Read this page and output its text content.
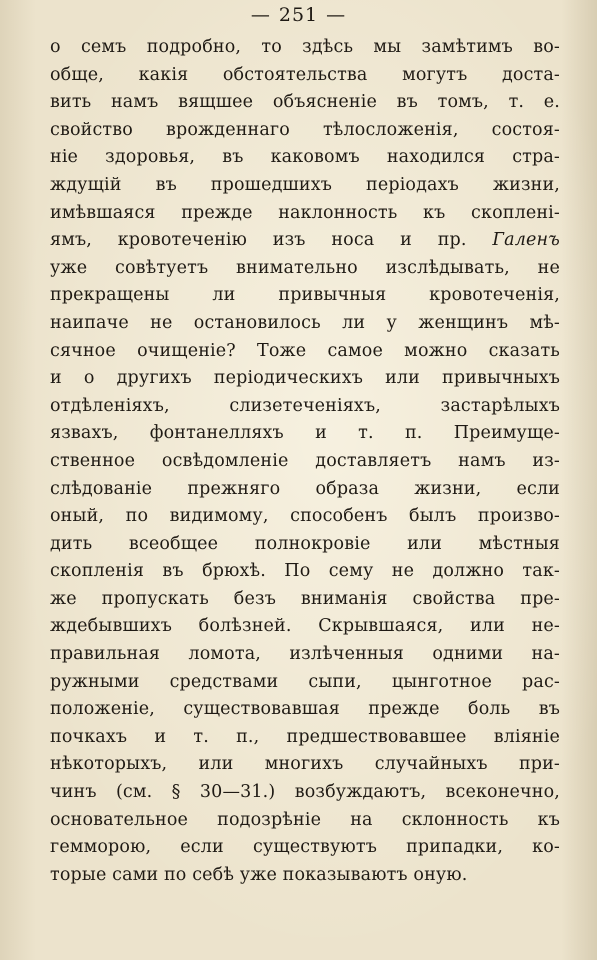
— 251 —
о семъ подробно, то здѣсь мы замѣтимъ во-
обще, какія обстоятельства могутъ доста-
вить намъ вящшее объясненіе въ томъ, т. е.
свойство врожденнаго тѣлосложенія, состоя-
ніе здоровья, въ каковомъ находился стра-
ждущій въ прошедшихъ періодахъ жизни,
имѣвшаяся прежде наклонность къ скопленi-
ямъ, кровотеченію изъ носа и пр. Галенъ
уже совѣтуетъ внимательно изслѣдывать, не
прекращены ли привычныя кровотеченія,
наипаче не остановилось ли у женщинъ мѣ-
сячное очищеніе? Тоже самое можно сказать
и о другихъ періодическихъ или привычныхъ
отдѣленіяхъ, слизетеченіяхъ, застарѣлыхъ
язвахъ, фонтанелляхъ и т. п. Преимуще-
ственное освѣдомленіе доставляетъ намъ из-
слѣдованіе прежняго образа жизни, если
оный, по видимому, способенъ былъ произво-
дить всеобщее полнокровіе или мѣстныя
скопленія въ брюхѣ. По сему не должно так-
же пропускать безъ вниманія свойства пре-
ждебывшихъ болѣзней. Скрывшаяся, или не-
правильная ломота, излѣченныя одними на-
ружными средствами сыпи, цынготное рас-
положеніе, существовавшая прежде боль въ
почкахъ и т. п., предшествовавшее вліяніе
нѣкоторыхъ, или многихъ случайныхъ при-
чинъ (см. § 30—31.) возбуждаютъ, всеконечно,
основательное подозрѣніе на склонность къ
гемморою, если существуютъ припадки, ко-
торые сами по себѣ уже показываютъ оную.
